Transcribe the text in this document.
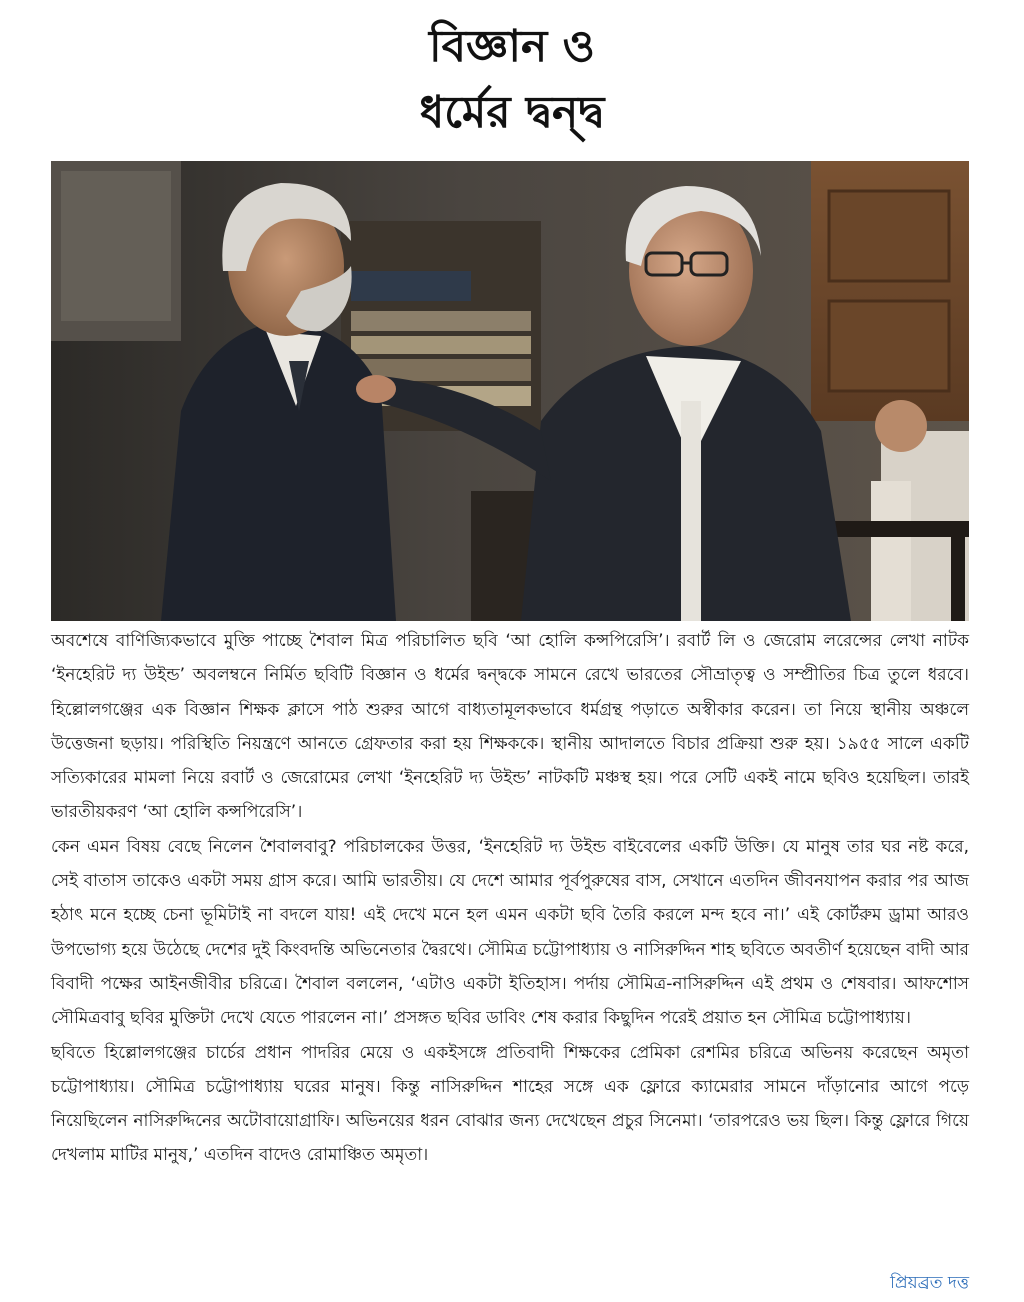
বিজ্ঞান ও
ধর্মের দ্বন্দ্ব

অবশেষে বাণিজ্যিকভাবে মুক্তি পাচ্ছে শৈবাল মিত্র পরিচালিত ছবি ‘আ হোলি কন্সপিরেসি’। রবার্ট লি ও জেরোম লরেন্সের লেখা নাটক ‘ইনহেরিট দ্য উইন্ড’ অবলম্বনে নির্মিত ছবিটি বিজ্ঞান ও ধর্মের দ্বন্দ্বকে সামনে রেখে ভারতের সৌভ্রাতৃত্ব ও সম্প্রীতির চিত্র তুলে ধরবে। হিল্লোলগঞ্জের এক বিজ্ঞান শিক্ষক ক্লাসে পাঠ শুরুর আগে বাধ্যতামূলকভাবে ধর্মগ্রন্থ পড়াতে অস্বীকার করেন। তা নিয়ে স্থানীয় অঞ্চলে উত্তেজনা ছড়ায়। পরিস্থিতি নিয়ন্ত্রণে আনতে গ্রেফতার করা হয় শিক্ষককে। স্থানীয় আদালতে বিচার প্রক্রিয়া শুরু হয়। ১৯৫৫ সালে একটি সত্যিকারের মামলা নিয়ে রবার্ট ও জেরোমের লেখা ‘ইনহেরিট দ্য উইন্ড’ নাটকটি মঞ্চস্থ হয়। পরে সেটি একই নামে ছবিও হয়েছিল। তারই ভারতীয়করণ ‘আ হোলি কন্সপিরেসি’।

কেন এমন বিষয় বেছে নিলেন শৈবালবাবু? পরিচালকের উত্তর, ‘ইনহেরিট দ্য উইন্ড বাইবেলের একটি উক্তি। যে মানুষ তার ঘর নষ্ট করে, সেই বাতাস তাকেও একটা সময় গ্রাস করে। আমি ভারতীয়। যে দেশে আমার পূর্বপুরুষের বাস, সেখানে এতদিন জীবনযাপন করার পর আজ হঠাৎ মনে হচ্ছে চেনা ভূমিটাই না বদলে যায়! এই দেখে মনে হল এমন একটা ছবি তৈরি করলে মন্দ হবে না।’ এই কোর্টরুম ড্রামা আরও উপভোগ্য হয়ে উঠেছে দেশের দুই কিংবদন্তি অভিনেতার দ্বৈরথে। সৌমিত্র চট্টোপাধ্যায় ও নাসিরুদ্দিন শাহ ছবিতে অবতীর্ণ হয়েছেন বাদী আর বিবাদী পক্ষের আইনজীবীর চরিত্রে। শৈবাল বললেন, ‘এটাও একটা ইতিহাস। পর্দায় সৌমিত্র-নাসিরুদ্দিন এই প্রথম ও শেষবার। আফশোস সৌমিত্রবাবু ছবির মুক্তিটা দেখে যেতে পারলেন না।’ প্রসঙ্গত ছবির ডাবিং শেষ করার কিছুদিন পরেই প্রয়াত হন সৌমিত্র চট্টোপাধ্যায়।

ছবিতে হিল্লোলগঞ্জের চার্চের প্রধান পাদরির মেয়ে ও একইসঙ্গে প্রতিবাদী শিক্ষকের প্রেমিকা রেশমির চরিত্রে অভিনয় করেছেন অমৃতা চট্টোপাধ্যায়। সৌমিত্র চট্টোপাধ্যায় ঘরের মানুষ। কিন্তু নাসিরুদ্দিন শাহের সঙ্গে এক ফ্লোরে ক্যামেরার সামনে দাঁড়ানোর আগে পড়ে নিয়েছিলেন নাসিরুদ্দিনের অটোবায়োগ্রাফি। অভিনয়ের ধরন বোঝার জন্য দেখেছেন প্রচুর সিনেমা। ‘তারপরেও ভয় ছিল। কিন্তু ফ্লোরে গিয়ে দেখলাম মাটির মানুষ,’ এতদিন বাদেও রোমাঞ্চিত অমৃতা।

প্রিয়ব্রত দত্ত
